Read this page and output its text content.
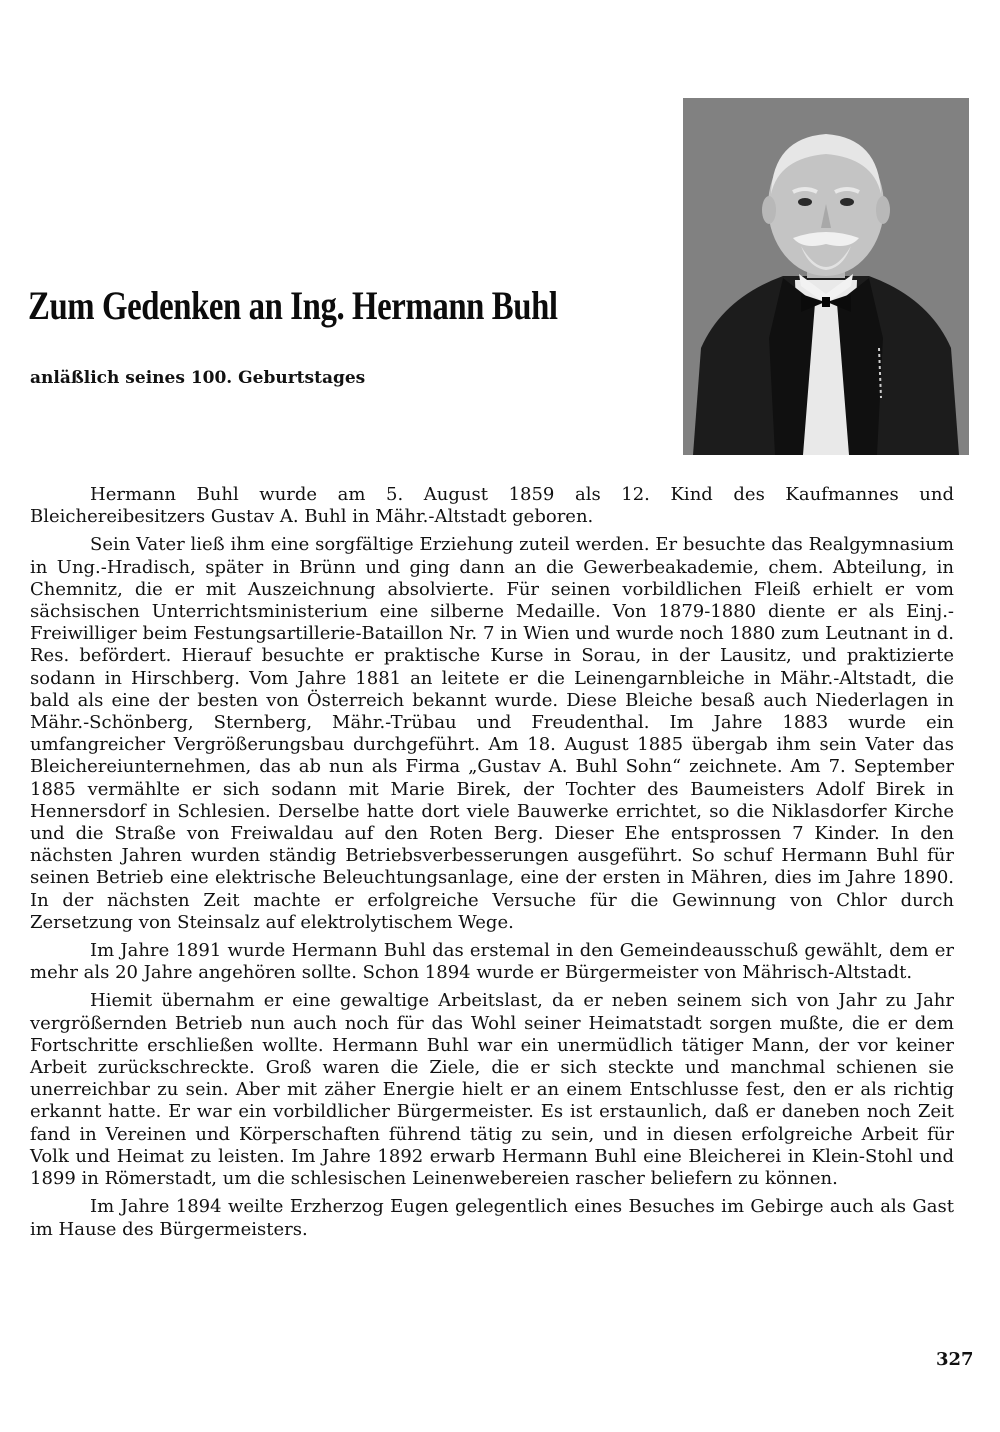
Zum Gedenken an Ing. Hermann Buhl
anläßlich seines 100. Geburtstages

Hermann Buhl wurde am 5. August 1859 als 12. Kind des Kaufmannes und Bleichereibesitzers Gustav A. Buhl in Mähr.-Altstadt geboren.

Sein Vater ließ ihm eine sorgfältige Erziehung zuteil werden. Er besuchte das Realgymnasium in Ung.-Hradisch, später in Brünn und ging dann an die Gewerbeakademie, chem. Abteilung, in Chemnitz, die er mit Auszeichnung absolvierte. Für seinen vorbildlichen Fleiß erhielt er vom sächsischen Unterrichtsministerium eine silberne Medaille. Von 1879-1880 diente er als Einj.-Freiwilliger beim Festungsartillerie-Bataillon Nr. 7 in Wien und wurde noch 1880 zum Leutnant in d. Res. befördert. Hierauf besuchte er praktische Kurse in Sorau, in der Lausitz, und praktizierte sodann in Hirschberg. Vom Jahre 1881 an leitete er die Leinengarnbleiche in Mähr.-Altstadt, die bald als eine der besten von Österreich bekannt wurde. Diese Bleiche besaß auch Niederlagen in Mähr.-Schönberg, Sternberg, Mähr.-Trübau und Freudenthal. Im Jahre 1883 wurde ein umfangreicher Vergrößerungsbau durchgeführt. Am 18. August 1885 übergab ihm sein Vater das Bleichereiunternehmen, das ab nun als Firma „Gustav A. Buhl Sohn“ zeichnete. Am 7. September 1885 vermählte er sich sodann mit Marie Birek, der Tochter des Baumeisters Adolf Birek in Hennersdorf in Schlesien. Derselbe hatte dort viele Bauwerke errichtet, so die Niklasdorfer Kirche und die Straße von Freiwaldau auf den Roten Berg. Dieser Ehe entsprossen 7 Kinder. In den nächsten Jahren wurden ständig Betriebsverbesserungen ausgeführt. So schuf Hermann Buhl für seinen Betrieb eine elektrische Beleuchtungsanlage, eine der ersten in Mähren, dies im Jahre 1890. In der nächsten Zeit machte er erfolgreiche Versuche für die Gewinnung von Chlor durch Zersetzung von Steinsalz auf elektrolytischem Wege.

Im Jahre 1891 wurde Hermann Buhl das erstemal in den Gemeindeausschuß gewählt, dem er mehr als 20 Jahre angehören sollte. Schon 1894 wurde er Bürgermeister von Mährisch-Altstadt.

Hiemit übernahm er eine gewaltige Arbeitslast, da er neben seinem sich von Jahr zu Jahr vergrößernden Betrieb nun auch noch für das Wohl seiner Heimatstadt sorgen mußte, die er dem Fortschritte erschließen wollte. Hermann Buhl war ein unermüdlich tätiger Mann, der vor keiner Arbeit zurückschreckte. Groß waren die Ziele, die er sich steckte und manchmal schienen sie unerreichbar zu sein. Aber mit zäher Energie hielt er an einem Entschlusse fest, den er als richtig erkannt hatte. Er war ein vorbildlicher Bürgermeister. Es ist erstaunlich, daß er daneben noch Zeit fand in Vereinen und Körperschaften führend tätig zu sein, und in diesen erfolgreiche Arbeit für Volk und Heimat zu leisten. Im Jahre 1892 erwarb Hermann Buhl eine Bleicherei in Klein-Stohl und 1899 in Römerstadt, um die schlesischen Leinenwebereien rascher beliefern zu können.

Im Jahre 1894 weilte Erzherzog Eugen gelegentlich eines Besuches im Gebirge auch als Gast im Hause des Bürgermeisters.

327
